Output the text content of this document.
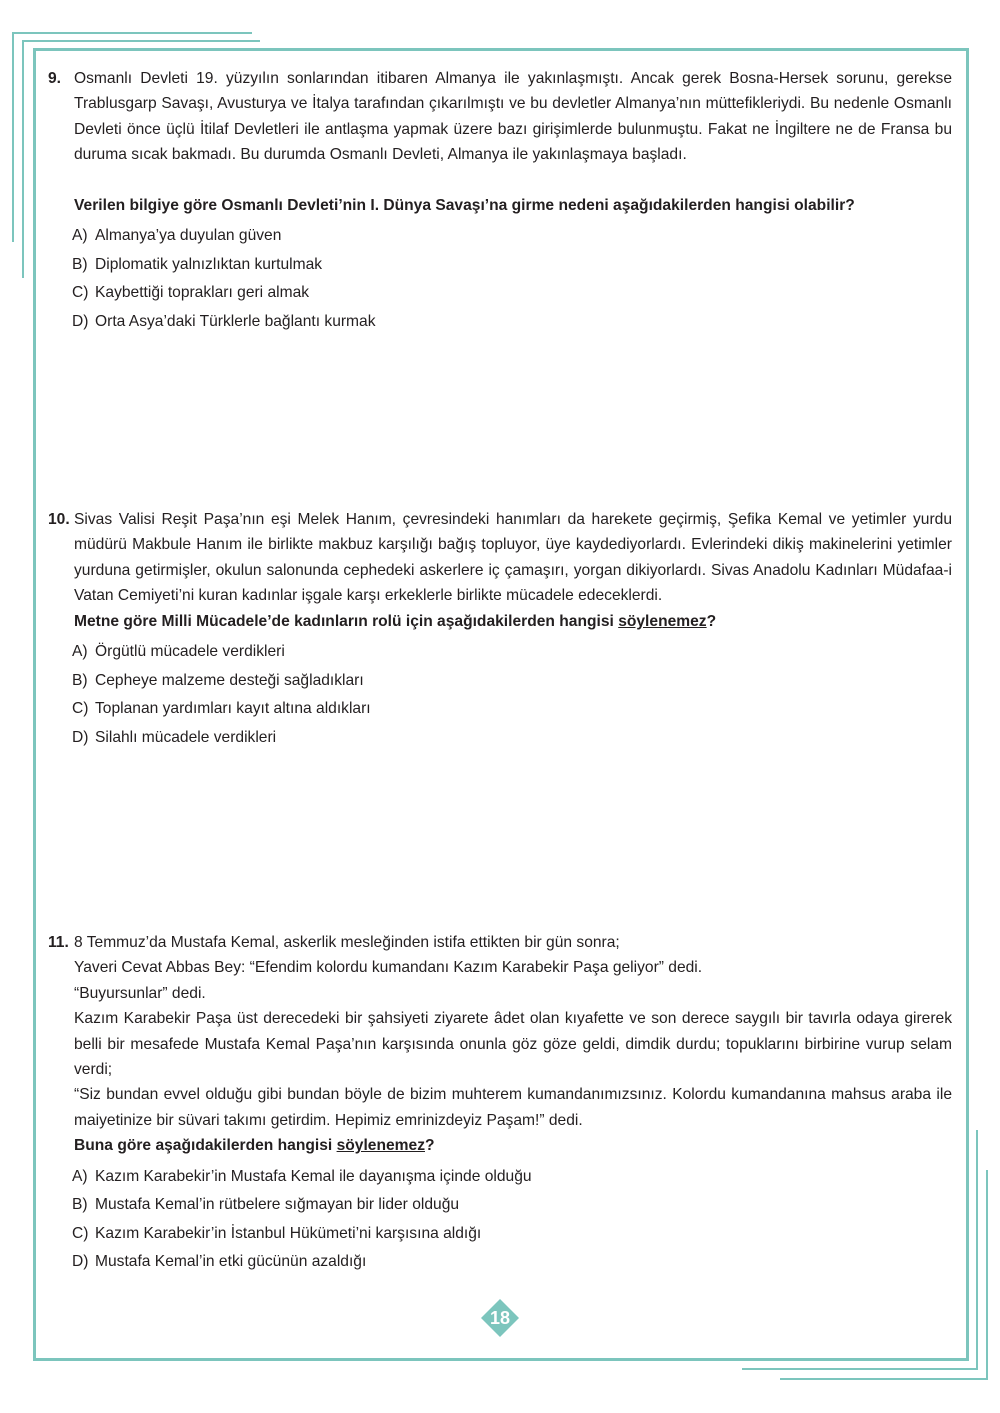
9. Osmanlı Devleti 19. yüzyılın sonlarından itibaren Almanya ile yakınlaşmıştı. Ancak gerek Bosna-Hersek sorunu, gerekse Trablusgarp Savaşı, Avusturya ve İtalya tarafından çıkarılmıştı ve bu devletler Almanya’nın müttefikleriydi. Bu nedenle Osmanlı Devleti önce üçlü İtilaf Devletleri ile antlaşma yapmak üzere bazı girişimlerde bulunmuştu. Fakat ne İngiltere ne de Fransa bu duruma sıcak bakmadı. Bu durumda Osmanlı Devleti, Almanya ile yakınlaşmaya başladı.

Verilen bilgiye göre Osmanlı Devleti’nin I. Dünya Savaşı’na girme nedeni aşağıdakilerden hangisi olabilir?

A) Almanya’ya duyulan güven
B) Diplomatik yalnızlıktan kurtulmak
C) Kaybettiği toprakları geri almak
D) Orta Asya’daki Türklerle bağlantı kurmak
10. Sivas Valisi Reşit Paşa’nın eşi Melek Hanım, çevresindeki hanımları da harekete geçirmiş, Şefika Kemal ve yetimler yurdu müdürü Makbule Hanım ile birlikte makbuz karşılığı bağış topluyor, üye kaydediyorlardı. Evlerindeki dikiş makinelerini yetimler yurduna getirmişler, okulun salonunda cephedeki askerlere iç çamaşırı, yorgan dikiyorlardı. Sivas Anadolu Kadınları Müdafaa-i Vatan Cemiyeti’ni kuran kadınlar işgale karşı erkeklerle birlikte mücadele edeceklerdi.

Metne göre Milli Mücadele’de kadınların rolü için aşağıdakilerden hangisi söylenemez?

A) Örgütlü mücadele verdikleri
B) Cepheye malzeme desteği sağladıkları
C) Toplanan yardımları kayıt altına aldıkları
D) Silahlı mücadele verdikleri
11. 8 Temmuz’da Mustafa Kemal, askerlik mesleğinden istifa ettikten bir gün sonra;

Yaveri Cevat Abbas Bey: “Efendim kolordu kumandanı Kazım Karabekir Paşa geliyor” dedi.

“Buyursunlar” dedi.

Kazım Karabekir Paşa üst derecedeki bir şahsiyeti ziyarete âdet olan kıyafette ve son derece saygılı bir tavırla odaya girerek belli bir mesafede Mustafa Kemal Paşa’nın karşısında onunla göz göze geldi, dimdik durdu; topuklarını birbirine vurup selam verdi;

“Siz bundan evvel olduğu gibi bundan böyle de bizim muhterem kumandanımızsınız. Kolordu kumandanına mahsus araba ile maiyetinize bir süvari takımı getirdim. Hepimiz emrinizdeyiz Paşam!” dedi.

Buna göre aşağıdakilerden hangisi söylenemez?

A) Kazım Karabekir’in Mustafa Kemal ile dayanışma içinde olduğu
B) Mustafa Kemal’in rütbelere sığmayan bir lider olduğu
C) Kazım Karabekir’in İstanbul Hükümeti’ni karşısına aldığı
D) Mustafa Kemal’in etki gücünün azaldığı
18
